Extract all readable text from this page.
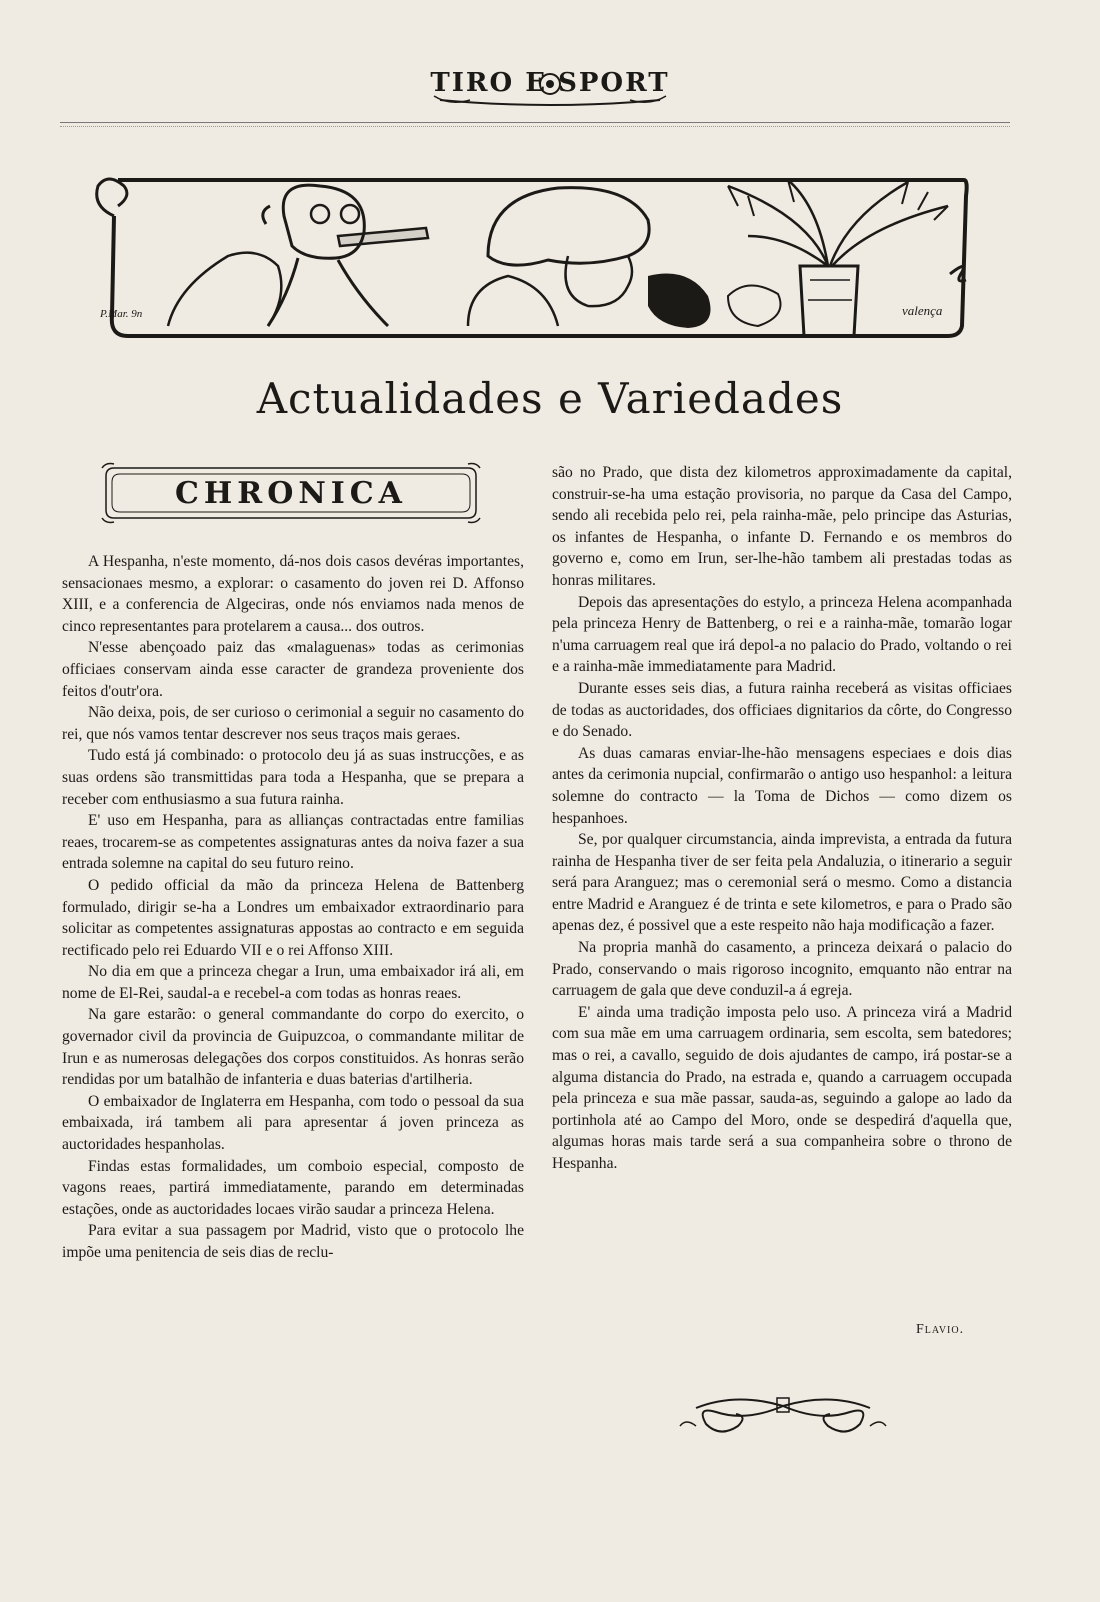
TIRO E SPORT
P.Mar. 9n	valença
Actualidades e Variedades
CHRONICA

A Hespanha, n'este momento, dá-nos dois casos devéras importantes, sensacionaes mesmo, a explorar: o casamento do joven rei D. Affonso XIII, e a conferencia de Algeciras, onde nós enviamos nada menos de cinco representantes para protelarem a causa... dos outros.

N'esse abençoado paiz das «malaguenas» todas as cerimonias officiaes conservam ainda esse caracter de grandeza proveniente dos feitos d'outr'ora.

Não deixa, pois, de ser curioso o cerimonial a seguir no casamento do rei, que nós vamos tentar descrever nos seus traços mais geraes.

Tudo está já combinado: o protocolo deu já as suas instrucções, e as suas ordens são transmittidas para toda a Hespanha, que se prepara a receber com enthusiasmo a sua futura rainha.

E' uso em Hespanha, para as allianças contractadas entre familias reaes, trocarem-se as competentes assignaturas antes da noiva fazer a sua entrada solemne na capital do seu futuro reino.

O pedido official da mão da princeza Helena de Battenberg formulado, dirigir se-ha a Londres um embaixador extraordinario para solicitar as competentes assignaturas appostas ao contracto e em seguida rectificado pelo rei Eduardo VII e o rei Affonso XIII.

No dia em que a princeza chegar a Irun, uma embaixador irá ali, em nome de El-Rei, saudal-a e recebel-a com todas as honras reaes.

Na gare estarão: o general commandante do corpo do exercito, o governador civil da provincia de Guipuzcoa, o commandante militar de Irun e as numerosas delegações dos corpos constituidos. As honras serão rendidas por um batalhão de infanteria e duas baterias d'artilheria.

O embaixador de Inglaterra em Hespanha, com todo o pessoal da sua embaixada, irá tambem ali para apresentar á joven princeza as auctoridades hespanholas.

Findas estas formalidades, um comboio especial, composto de vagons reaes, partirá immediatamente, parando em determinadas estações, onde as auctoridades locaes virão saudar a princeza Helena.

Para evitar a sua passagem por Madrid, visto que o protocolo lhe impõe uma penitencia de seis dias de reclu-

são no Prado, que dista dez kilometros approximadamente da capital, construir-se-ha uma estação provisoria, no parque da Casa del Campo, sendo ali recebida pelo rei, pela rainha-mãe, pelo principe das Asturias, os infantes de Hespanha, o infante D. Fernando e os membros do governo e, como em Irun, ser-lhe-hão tambem ali prestadas todas as honras militares.

Depois das apresentações do estylo, a princeza Helena acompanhada pela princeza Henry de Battenberg, o rei e a rainha-mãe, tomarão logar n'uma carruagem real que irá depol-a no palacio do Prado, voltando o rei e a rainha-mãe immediatamente para Madrid.

Durante esses seis dias, a futura rainha receberá as visitas officiaes de todas as auctoridades, dos officiaes dignitarios da côrte, do Congresso e do Senado.

As duas camaras enviar-lhe-hão mensagens especiaes e dois dias antes da cerimonia nupcial, confirmarão o antigo uso hespanhol: a leitura solemne do contracto — la Toma de Dichos — como dizem os hespanhoes.

Se, por qualquer circumstancia, ainda imprevista, a entrada da futura rainha de Hespanha tiver de ser feita pela Andaluzia, o itinerario a seguir será para Aranguez; mas o ceremonial será o mesmo. Como a distancia entre Madrid e Aranguez é de trinta e sete kilometros, e para o Prado são apenas dez, é possivel que a este respeito não haja modificação a fazer.

Na propria manhã do casamento, a princeza deixará o palacio do Prado, conservando o mais rigoroso incognito, emquanto não entrar na carruagem de gala que deve conduzil-a á egreja.

E' ainda uma tradição imposta pelo uso. A princeza virá a Madrid com sua mãe em uma carruagem ordinaria, sem escolta, sem batedores; mas o rei, a cavallo, seguido de dois ajudantes de campo, irá postar-se a alguma distancia do Prado, na estrada e, quando a carruagem occupada pela princeza e sua mãe passar, sauda-as, seguindo a galope ao lado da portinhola até ao Campo del Moro, onde se despedirá d'aquella que, algumas horas mais tarde será a sua companheira sobre o throno de Hespanha.

Flavio.
